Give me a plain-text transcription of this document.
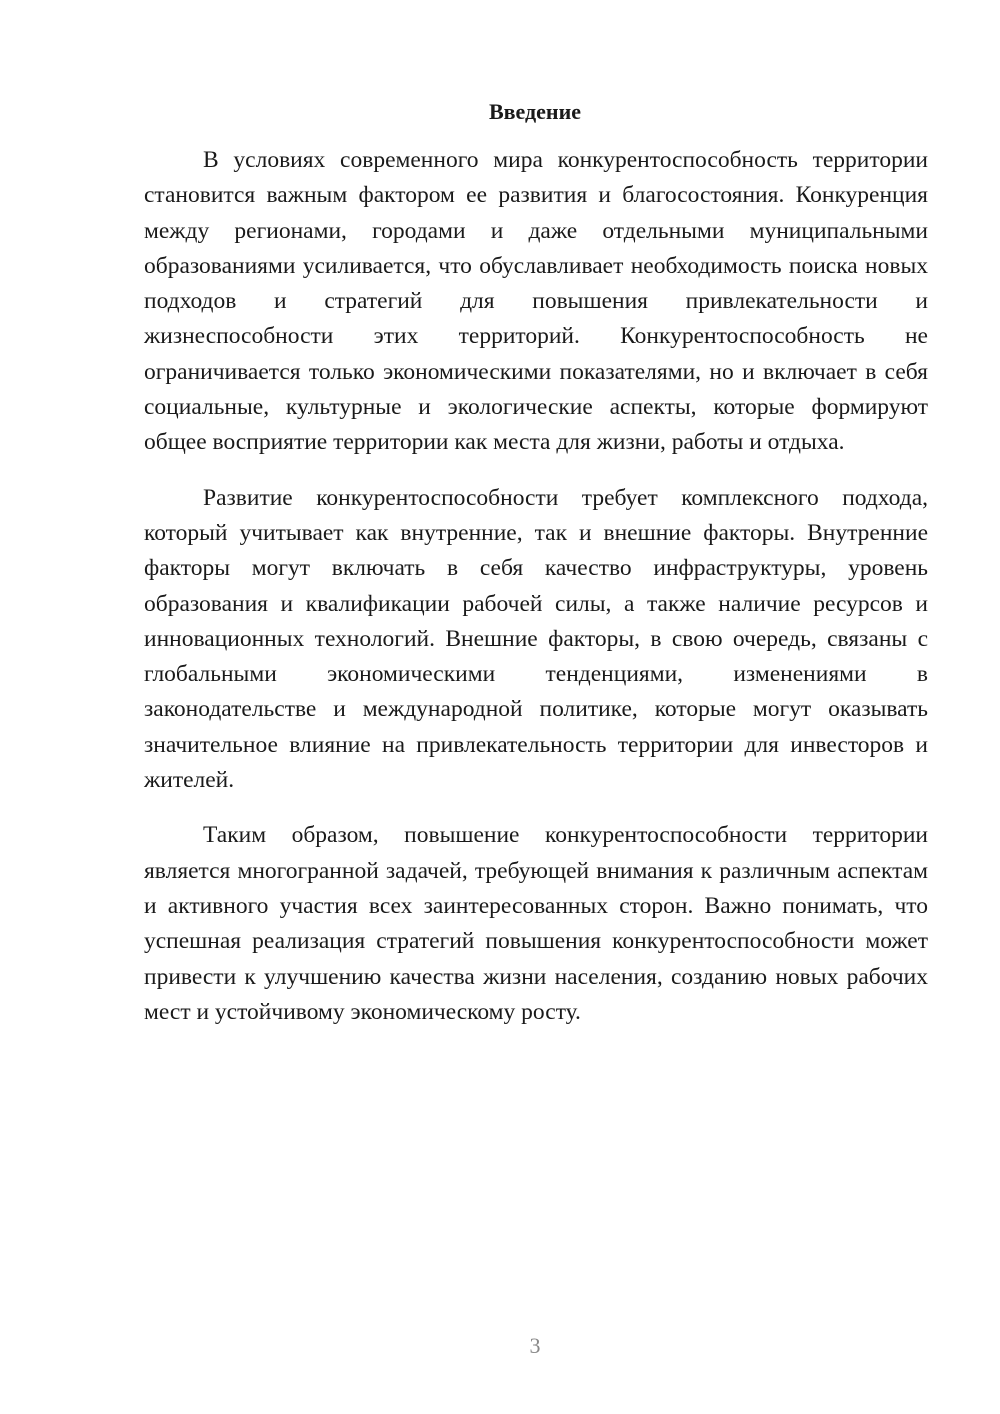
Введение

В условиях современного мира конкурентоспособность территории становится важным фактором ее развития и благосостояния. Конкуренция между регионами, городами и даже отдельными муниципальными образованиями усиливается, что обуславливает необходимость поиска новых подходов и стратегий для повышения привлекательности и жизнеспособности этих территорий. Конкурентоспособность не ограничивается только экономическими показателями, но и включает в себя социальные, культурные и экологические аспекты, которые формируют общее восприятие территории как места для жизни, работы и отдыха.

Развитие конкурентоспособности требует комплексного подхода, который учитывает как внутренние, так и внешние факторы. Внутренние факторы могут включать в себя качество инфраструктуры, уровень образования и квалификации рабочей силы, а также наличие ресурсов и инновационных технологий. Внешние факторы, в свою очередь, связаны с глобальными экономическими тенденциями, изменениями в законодательстве и международной политике, которые могут оказывать значительное влияние на привлекательность территории для инвесторов и жителей.

Таким образом, повышение конкурентоспособности территории является многогранной задачей, требующей внимания к различным аспектам и активного участия всех заинтересованных сторон. Важно понимать, что успешная реализация стратегий повышения конкурентоспособности может привести к улучшению качества жизни населения, созданию новых рабочих мест и устойчивому экономическому росту.

3
